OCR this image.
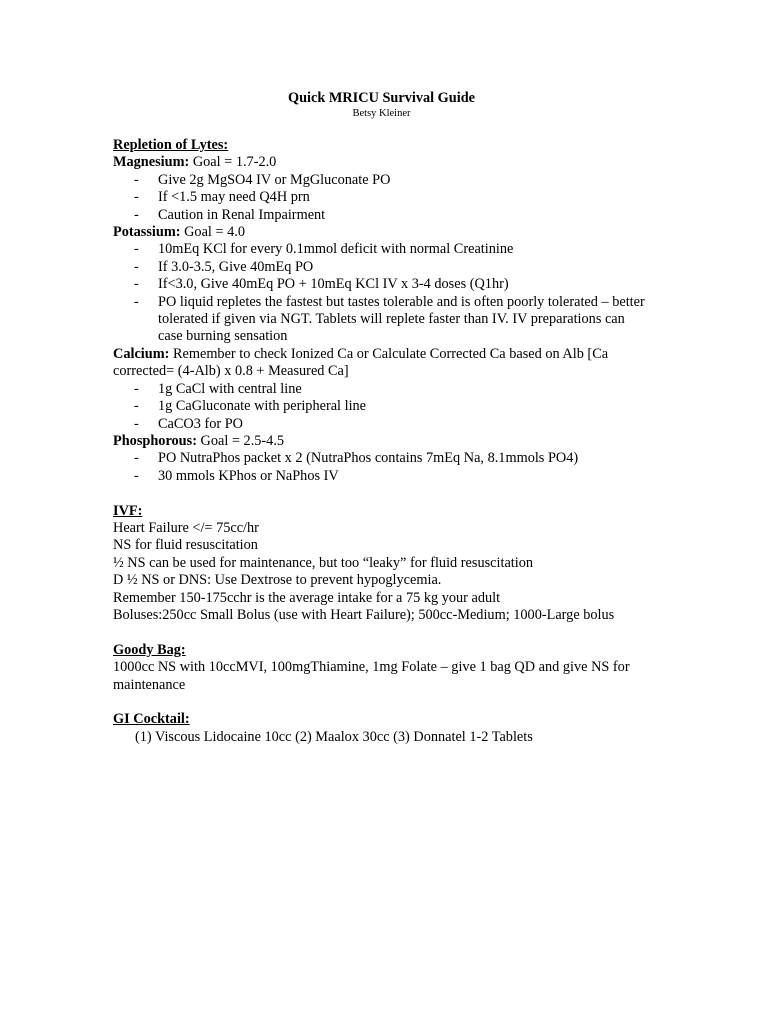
Quick MRICU Survival Guide
Betsy Kleiner
Repletion of Lytes:
Magnesium: Goal = 1.7-2.0
- Give 2g MgSO4 IV or MgGluconate PO
- If <1.5 may need Q4H prn
- Caution in Renal Impairment
Potassium: Goal = 4.0
- 10mEq KCl for every 0.1mmol deficit with normal Creatinine
- If 3.0-3.5, Give 40mEq PO
- If<3.0, Give 40mEq PO + 10mEq KCl IV x 3-4 doses (Q1hr)
- PO liquid repletes the fastest but tastes tolerable and is often poorly tolerated – better tolerated if given via NGT. Tablets will replete faster than IV. IV preparations can case burning sensation
Calcium: Remember to check Ionized Ca or Calculate Corrected Ca based on Alb [Ca corrected= (4-Alb) x 0.8 + Measured Ca]
- 1g CaCl with central line
- 1g CaGluconate with peripheral line
- CaCO3 for PO
Phosphorous: Goal = 2.5-4.5
- PO NutraPhos packet x 2 (NutraPhos contains 7mEq Na, 8.1mmols PO4)
- 30 mmols KPhos or NaPhos IV
IVF:
Heart Failure </= 75cc/hr
NS for fluid resuscitation
½ NS can be used for maintenance, but too “leaky” for fluid resuscitation
D ½ NS or DNS: Use Dextrose to prevent hypoglycemia.
Remember 150-175cchr is the average intake for a 75 kg your adult
Boluses:250cc Small Bolus (use with Heart Failure); 500cc-Medium; 1000-Large bolus
Goody Bag:
1000cc NS with 10ccMVI, 100mgThiamine, 1mg Folate – give 1 bag QD and give NS for maintenance
GI Cocktail:
(1) Viscous Lidocaine 10cc (2) Maalox 30cc (3) Donnatel 1-2 Tablets
